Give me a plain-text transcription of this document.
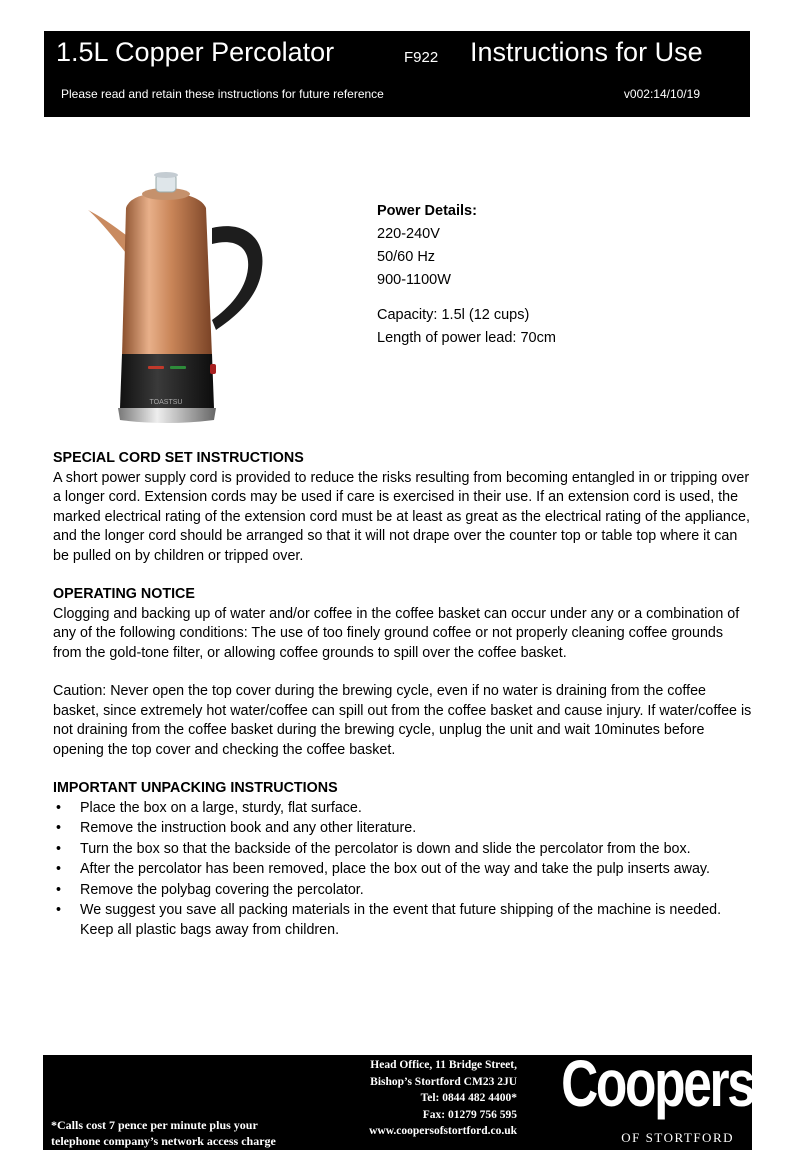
1.5L Copper Percolator	F922 Instructions for Use
Please read and retain these instructions for future reference	v002:14/10/19
TOASTSU
Power Details:
220-240V
50/60 Hz
900-1100W
Capacity: 1.5l (12 cups)
Length of power lead: 70cm
SPECIAL CORD SET INSTRUCTIONS

A short power supply cord is provided to reduce the risks resulting from becoming entangled in or tripping over a longer cord. Extension cords may be used if care is exercised in their use. If an extension cord is used, the marked electrical rating of the extension cord must be at least as great as the electrical rating of the appliance, and the longer cord should be arranged so that it will not drape over the counter top or table top where it can be pulled on by children or tripped over.

OPERATING NOTICE

Clogging and backing up of water and/or coffee in the coffee basket can occur under any or a combination of any of the following conditions: The use of too finely ground coffee or not properly cleaning coffee grounds from the gold-tone filter, or allowing coffee grounds to spill over the coffee basket.

Caution: Never open the top cover during the brewing cycle, even if no water is draining from the coffee basket, since extremely hot water/coffee can spill out from the coffee basket and cause injury. If water/coffee is not draining from the coffee basket during the brewing cycle, unplug the unit and wait 10minutes before opening the top cover and checking the coffee basket.

IMPORTANT UNPACKING INSTRUCTIONS
• Place the box on a large, sturdy, flat surface.
• Remove the instruction book and any other literature.
• Turn the box so that the backside of the percolator is down and slide the percolator from the box.
• After the percolator has been removed, place the box out of the way and take the pulp inserts away.
• Remove the polybag covering the percolator.
• We suggest you save all packing materials in the event that future shipping of the machine is needed. Keep all plastic bags away from children.
Head Office, 11 Bridge Street,
Bishop’s Stortford CM23 2JU
Tel: 0844 482 4400*
Fax: 01279 756 595
www.coopersofstortford.co.uk
*Calls cost 7 pence per minute plus your
telephone company’s network access charge
Coopers
OF STORTFORD
